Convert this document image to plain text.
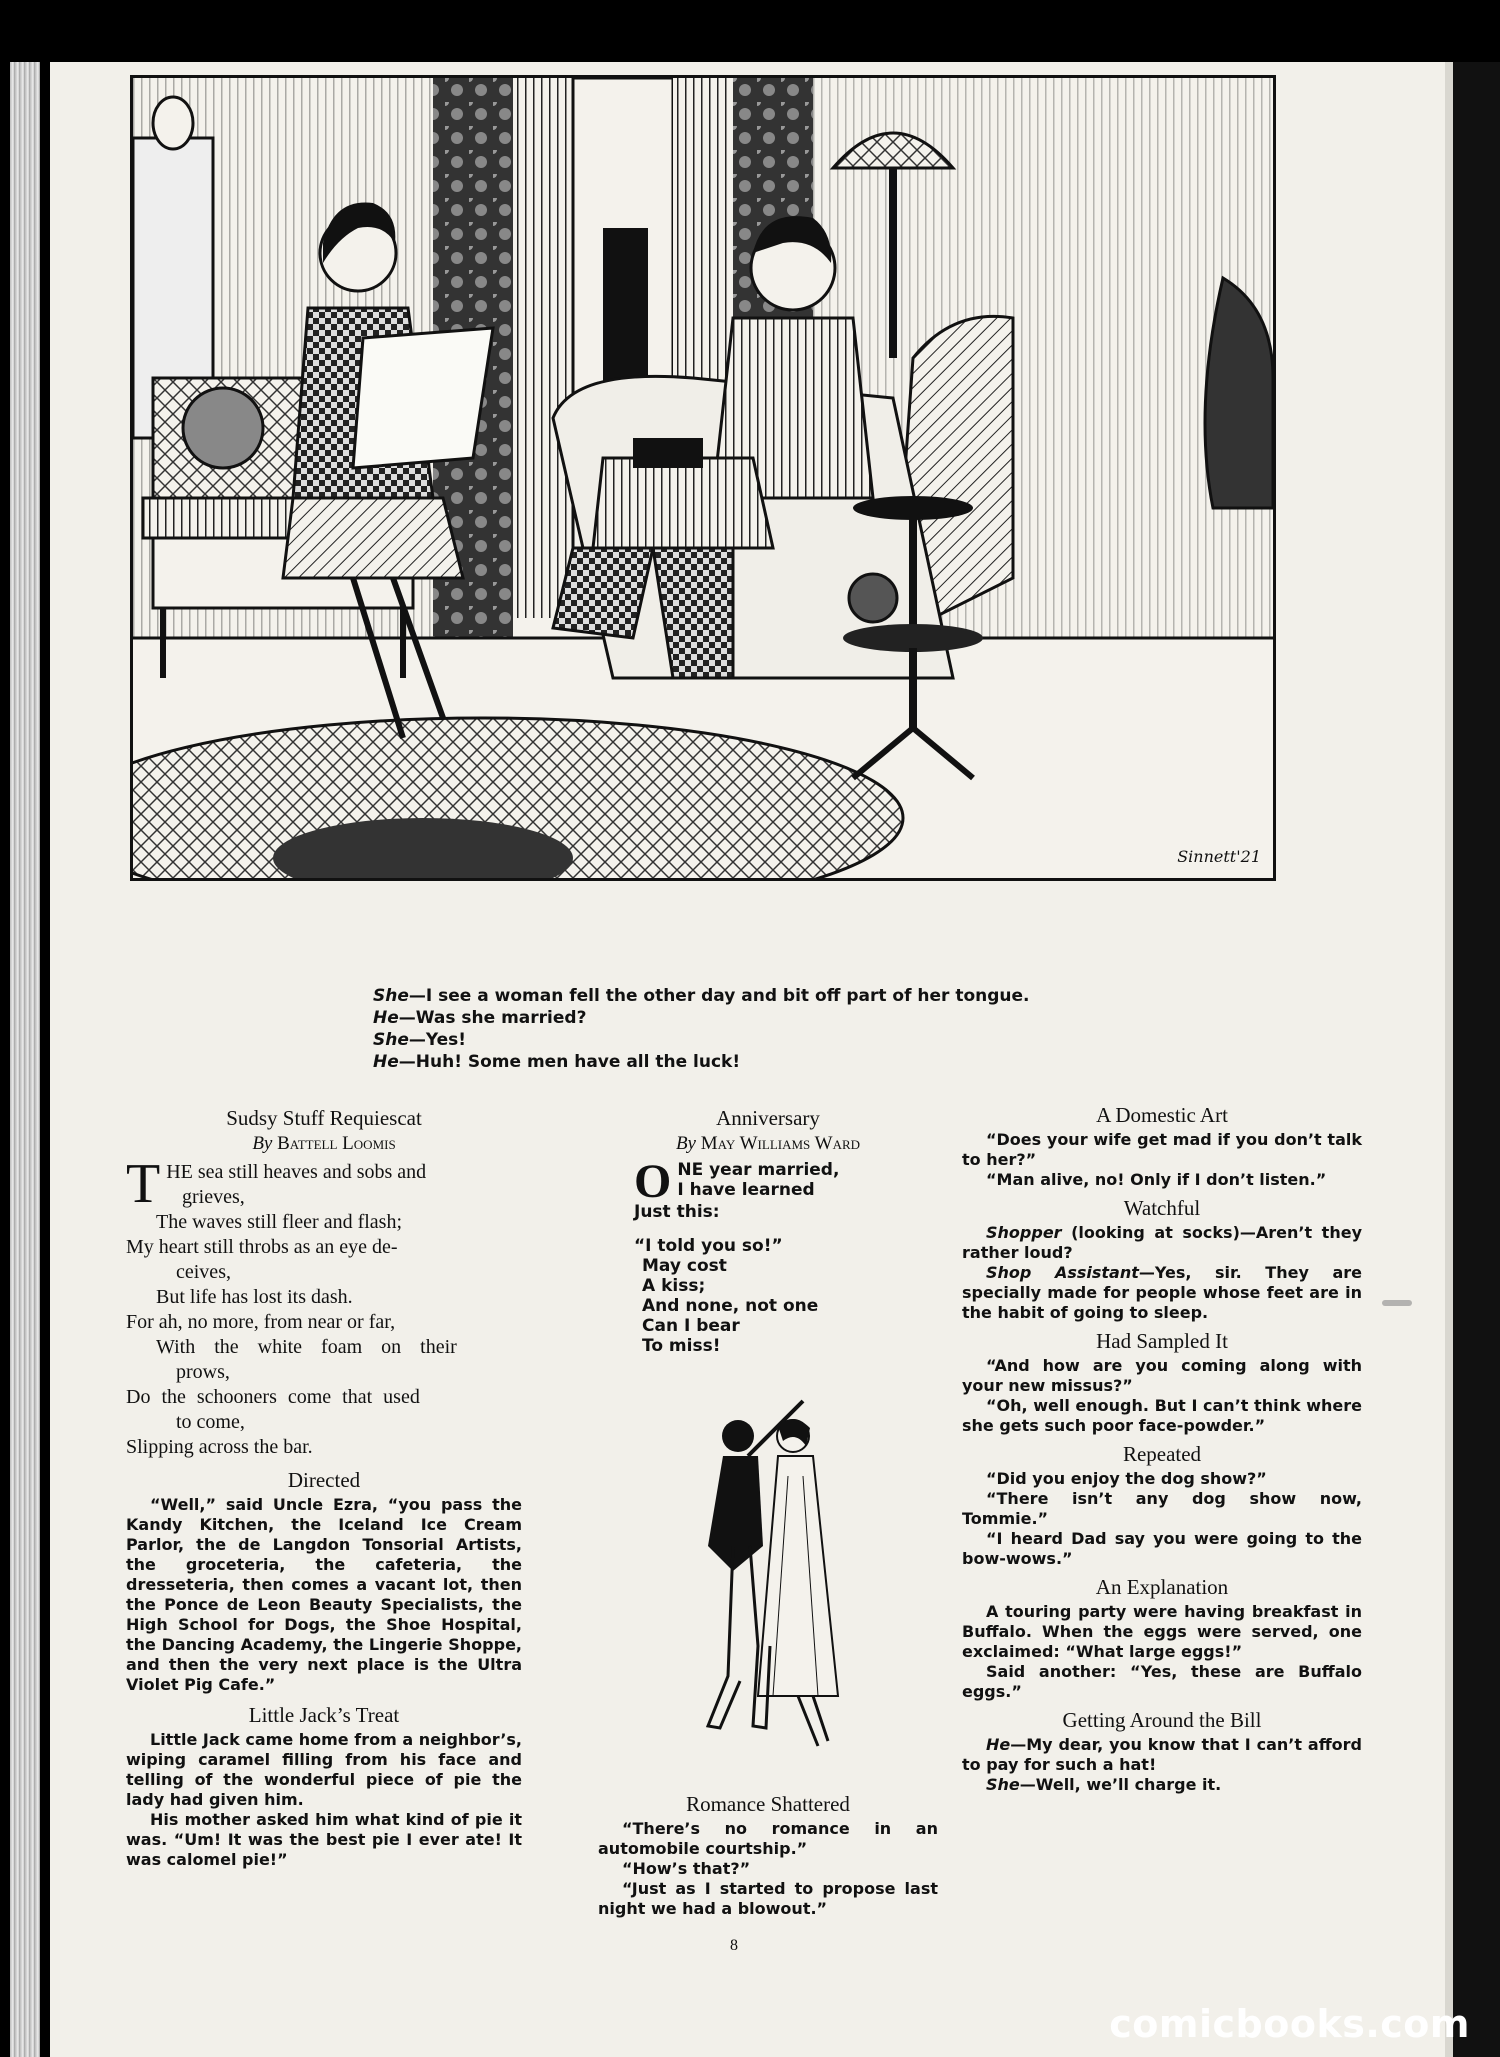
Sinnett'21
She—I see a woman fell the other day and bit off part of her tongue.
He—Was she married?
She—Yes!
He—Huh! Some men have all the luck!
Sudsy Stuff Requiescat
By Battell Loomis

THE sea still heaves and sobs and

grieves,

The waves still fleer and flash;

My heart still throbs as an eye de-

ceives,

But life has lost its dash.

For ah, no more, from near or far,

With the white foam on their

prows,

Do the schooners come that used

to come,

Slipping across the bar.

Directed

“Well,” said Uncle Ezra, “you pass the Kandy Kitchen, the Iceland Ice Cream Parlor, the de Langdon Tonsorial Artists, the groceteria, the cafeteria, the dresseteria, then comes a vacant lot, then the Ponce de Leon Beauty Specialists, the High School for Dogs, the Shoe Hospital, the Dancing Academy, the Lingerie Shoppe, and then the very next place is the Ultra Violet Pig Cafe.”

Little Jack’s Treat

Little Jack came home from a neighbor’s, wiping caramel filling from his face and telling of the wonderful piece of pie the lady had given him.

His mother asked him what kind of pie it was. “Um! It was the best pie I ever ate! It was calomel pie!”

Anniversary
By May Williams Ward
O NE year married,
I have learned
Just this:
“I told you so!”
May cost
A kiss;
And none, not one
Can I bear
To miss!
Romance Shattered

“There’s no romance in an automobile courtship.”

“How’s that?”

“Just as I started to propose last night we had a blowout.”

A Domestic Art

“Does your wife get mad if you don’t talk to her?”

“Man alive, no! Only if I don’t listen.”

Watchful

Shopper (looking at socks)—Aren’t they rather loud?

Shop Assistant—Yes, sir. They are specially made for people whose feet are in the habit of going to sleep.

Had Sampled It

“And how are you coming along with your new missus?”

“Oh, well enough. But I can’t think where she gets such poor face-powder.”

Repeated

“Did you enjoy the dog show?”

“There isn’t any dog show now, Tommie.”

“I heard Dad say you were going to the bow-wows.”

An Explanation

A touring party were having breakfast in Buffalo. When the eggs were served, one exclaimed: “What large eggs!”

Said another: “Yes, these are Buffalo eggs.”

Getting Around the Bill

He—My dear, you know that I can’t afford to pay for such a hat!

She—Well, we’ll charge it.

8
comicbooks.com
